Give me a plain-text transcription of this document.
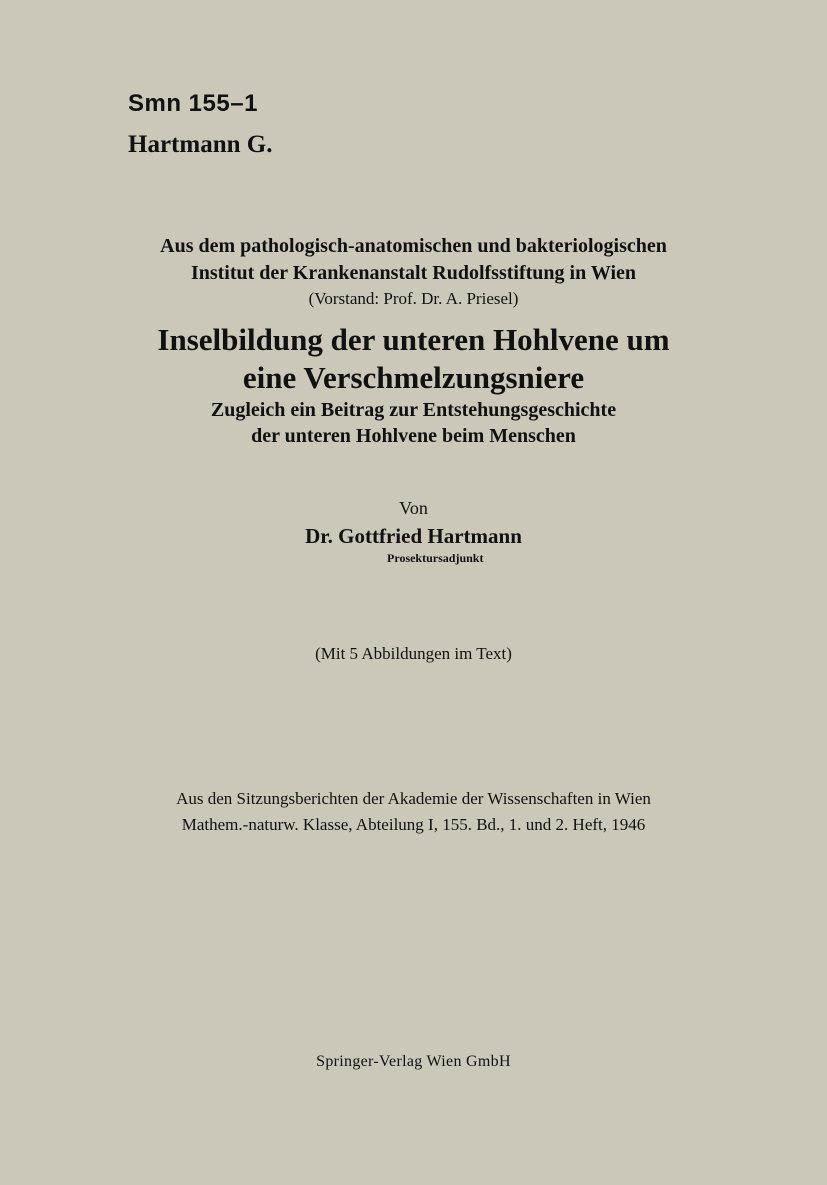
Smn 155–1
Hartmann G.
Aus dem pathologisch‑anatomischen und bakteriologischen
Institut der Krankenanstalt Rudolfsstiftung in Wien
(Vorstand: Prof. Dr. A. Priesel)
Inselbildung der unteren Hohlvene um
eine Verschmelzungsniere
Zugleich ein Beitrag zur Entstehungsgeschichte
der unteren Hohlvene beim Menschen
Von
Dr. Gottfried Hartmann
Prosektursadjunkt
(Mit 5 Abbildungen im Text)
Aus den Sitzungsberichten der Akademie der Wissenschaften in Wien
Mathem.-naturw. Klasse, Abteilung I, 155. Bd., 1. und 2. Heft, 1946
Springer-Verlag Wien GmbH
